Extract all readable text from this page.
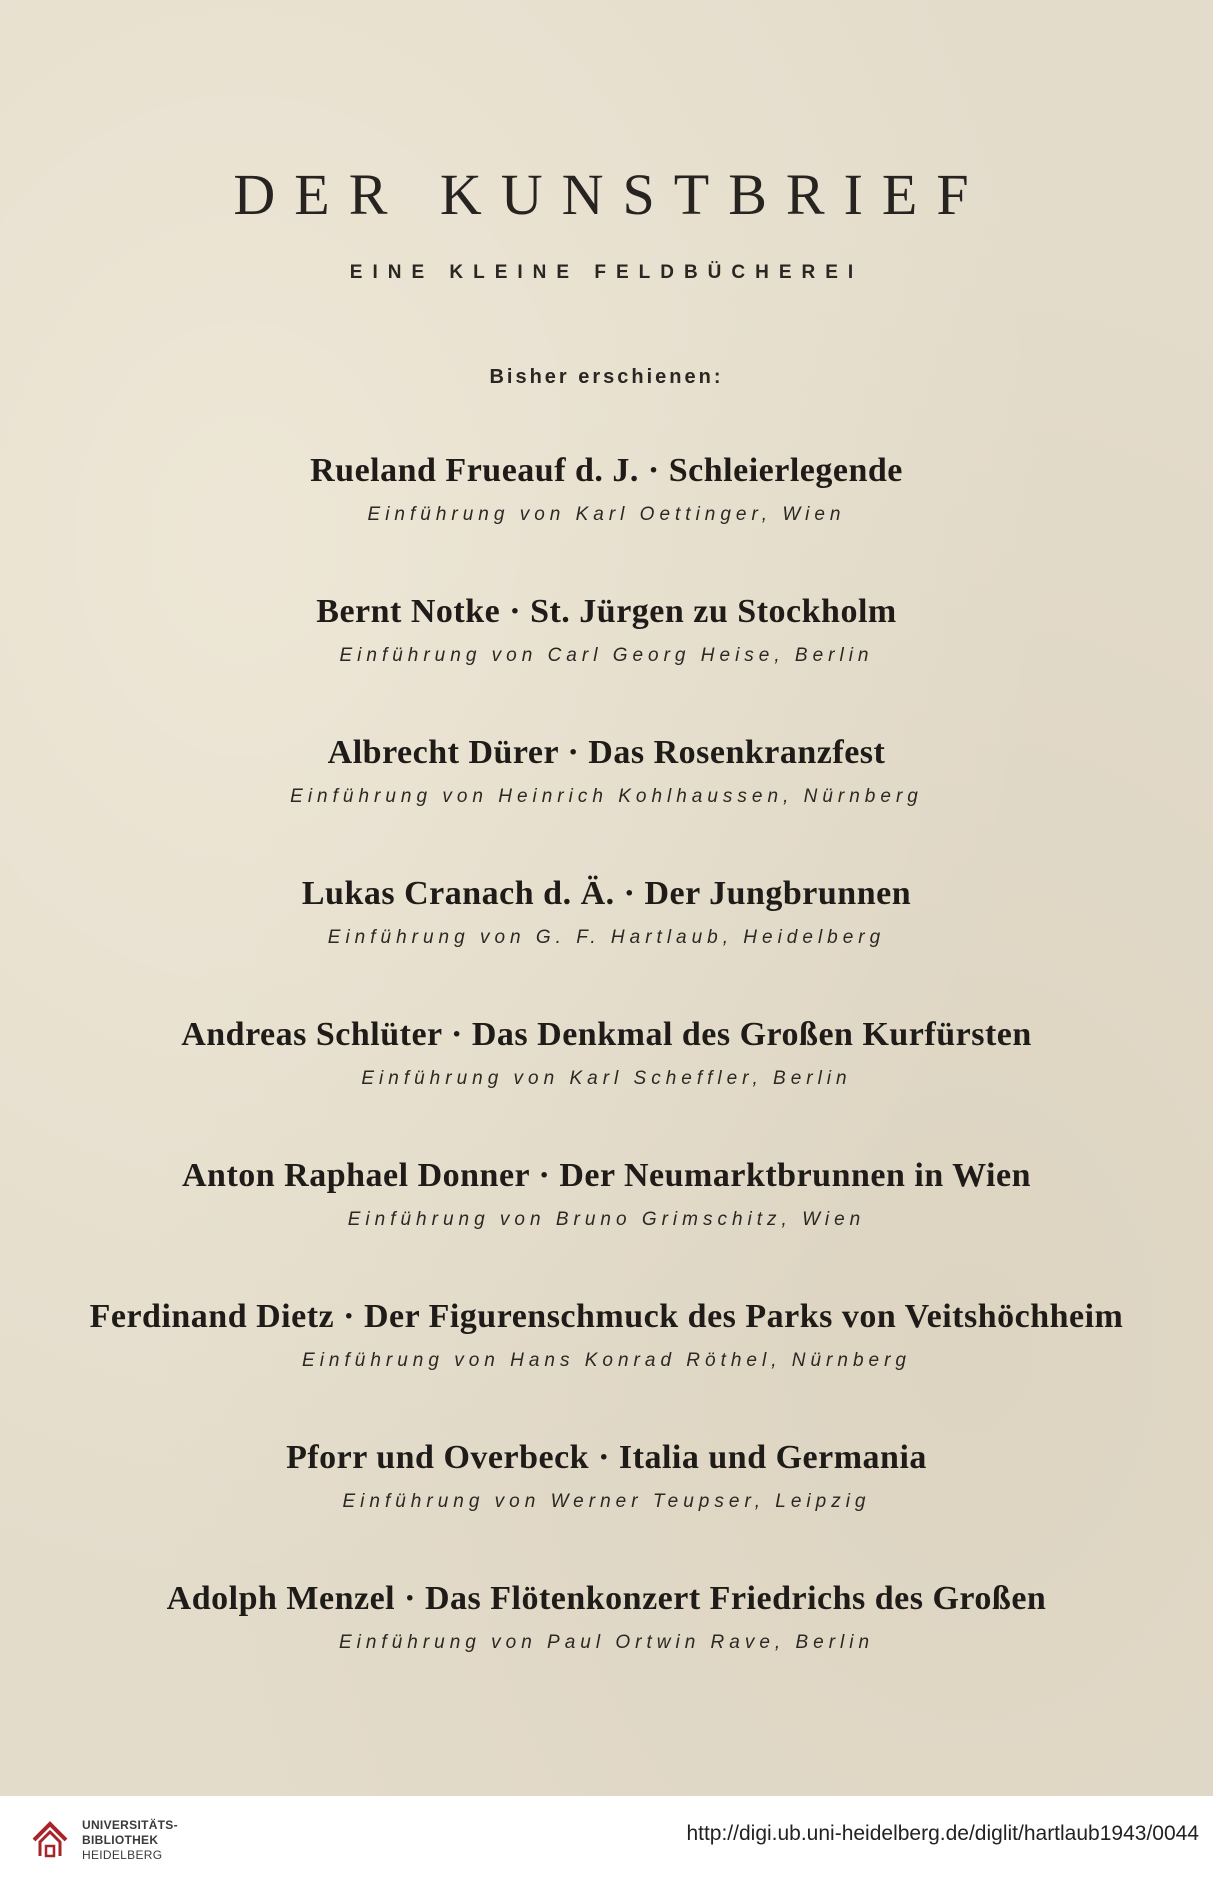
DER KUNSTBRIEF
EINE KLEINE FELDBÜCHEREI
Bisher erschienen:
Rueland Frueauf d. J. · Schleierlegende
Einführung von Karl Oettinger, Wien
Bernt Notke · St. Jürgen zu Stockholm
Einführung von Carl Georg Heise, Berlin
Albrecht Dürer · Das Rosenkranzfest
Einführung von Heinrich Kohlhaussen, Nürnberg
Lukas Cranach d. Ä. · Der Jungbrunnen
Einführung von G. F. Hartlaub, Heidelberg
Andreas Schlüter · Das Denkmal des Großen Kurfürsten
Einführung von Karl Scheffler, Berlin
Anton Raphael Donner · Der Neumarktbrunnen in Wien
Einführung von Bruno Grimschitz, Wien
Ferdinand Dietz · Der Figurenschmuck des Parks von Veitshöchheim
Einführung von Hans Konrad Röthel, Nürnberg
Pforr und Overbeck · Italia und Germania
Einführung von Werner Teupser, Leipzig
Adolph Menzel · Das Flötenkonzert Friedrichs des Großen
Einführung von Paul Ortwin Rave, Berlin
UNIVERSITÄTS-
BIBLIOTHEK
HEIDELBERG
http://digi.ub.uni-heidelberg.de/diglit/hartlaub1943/0044
